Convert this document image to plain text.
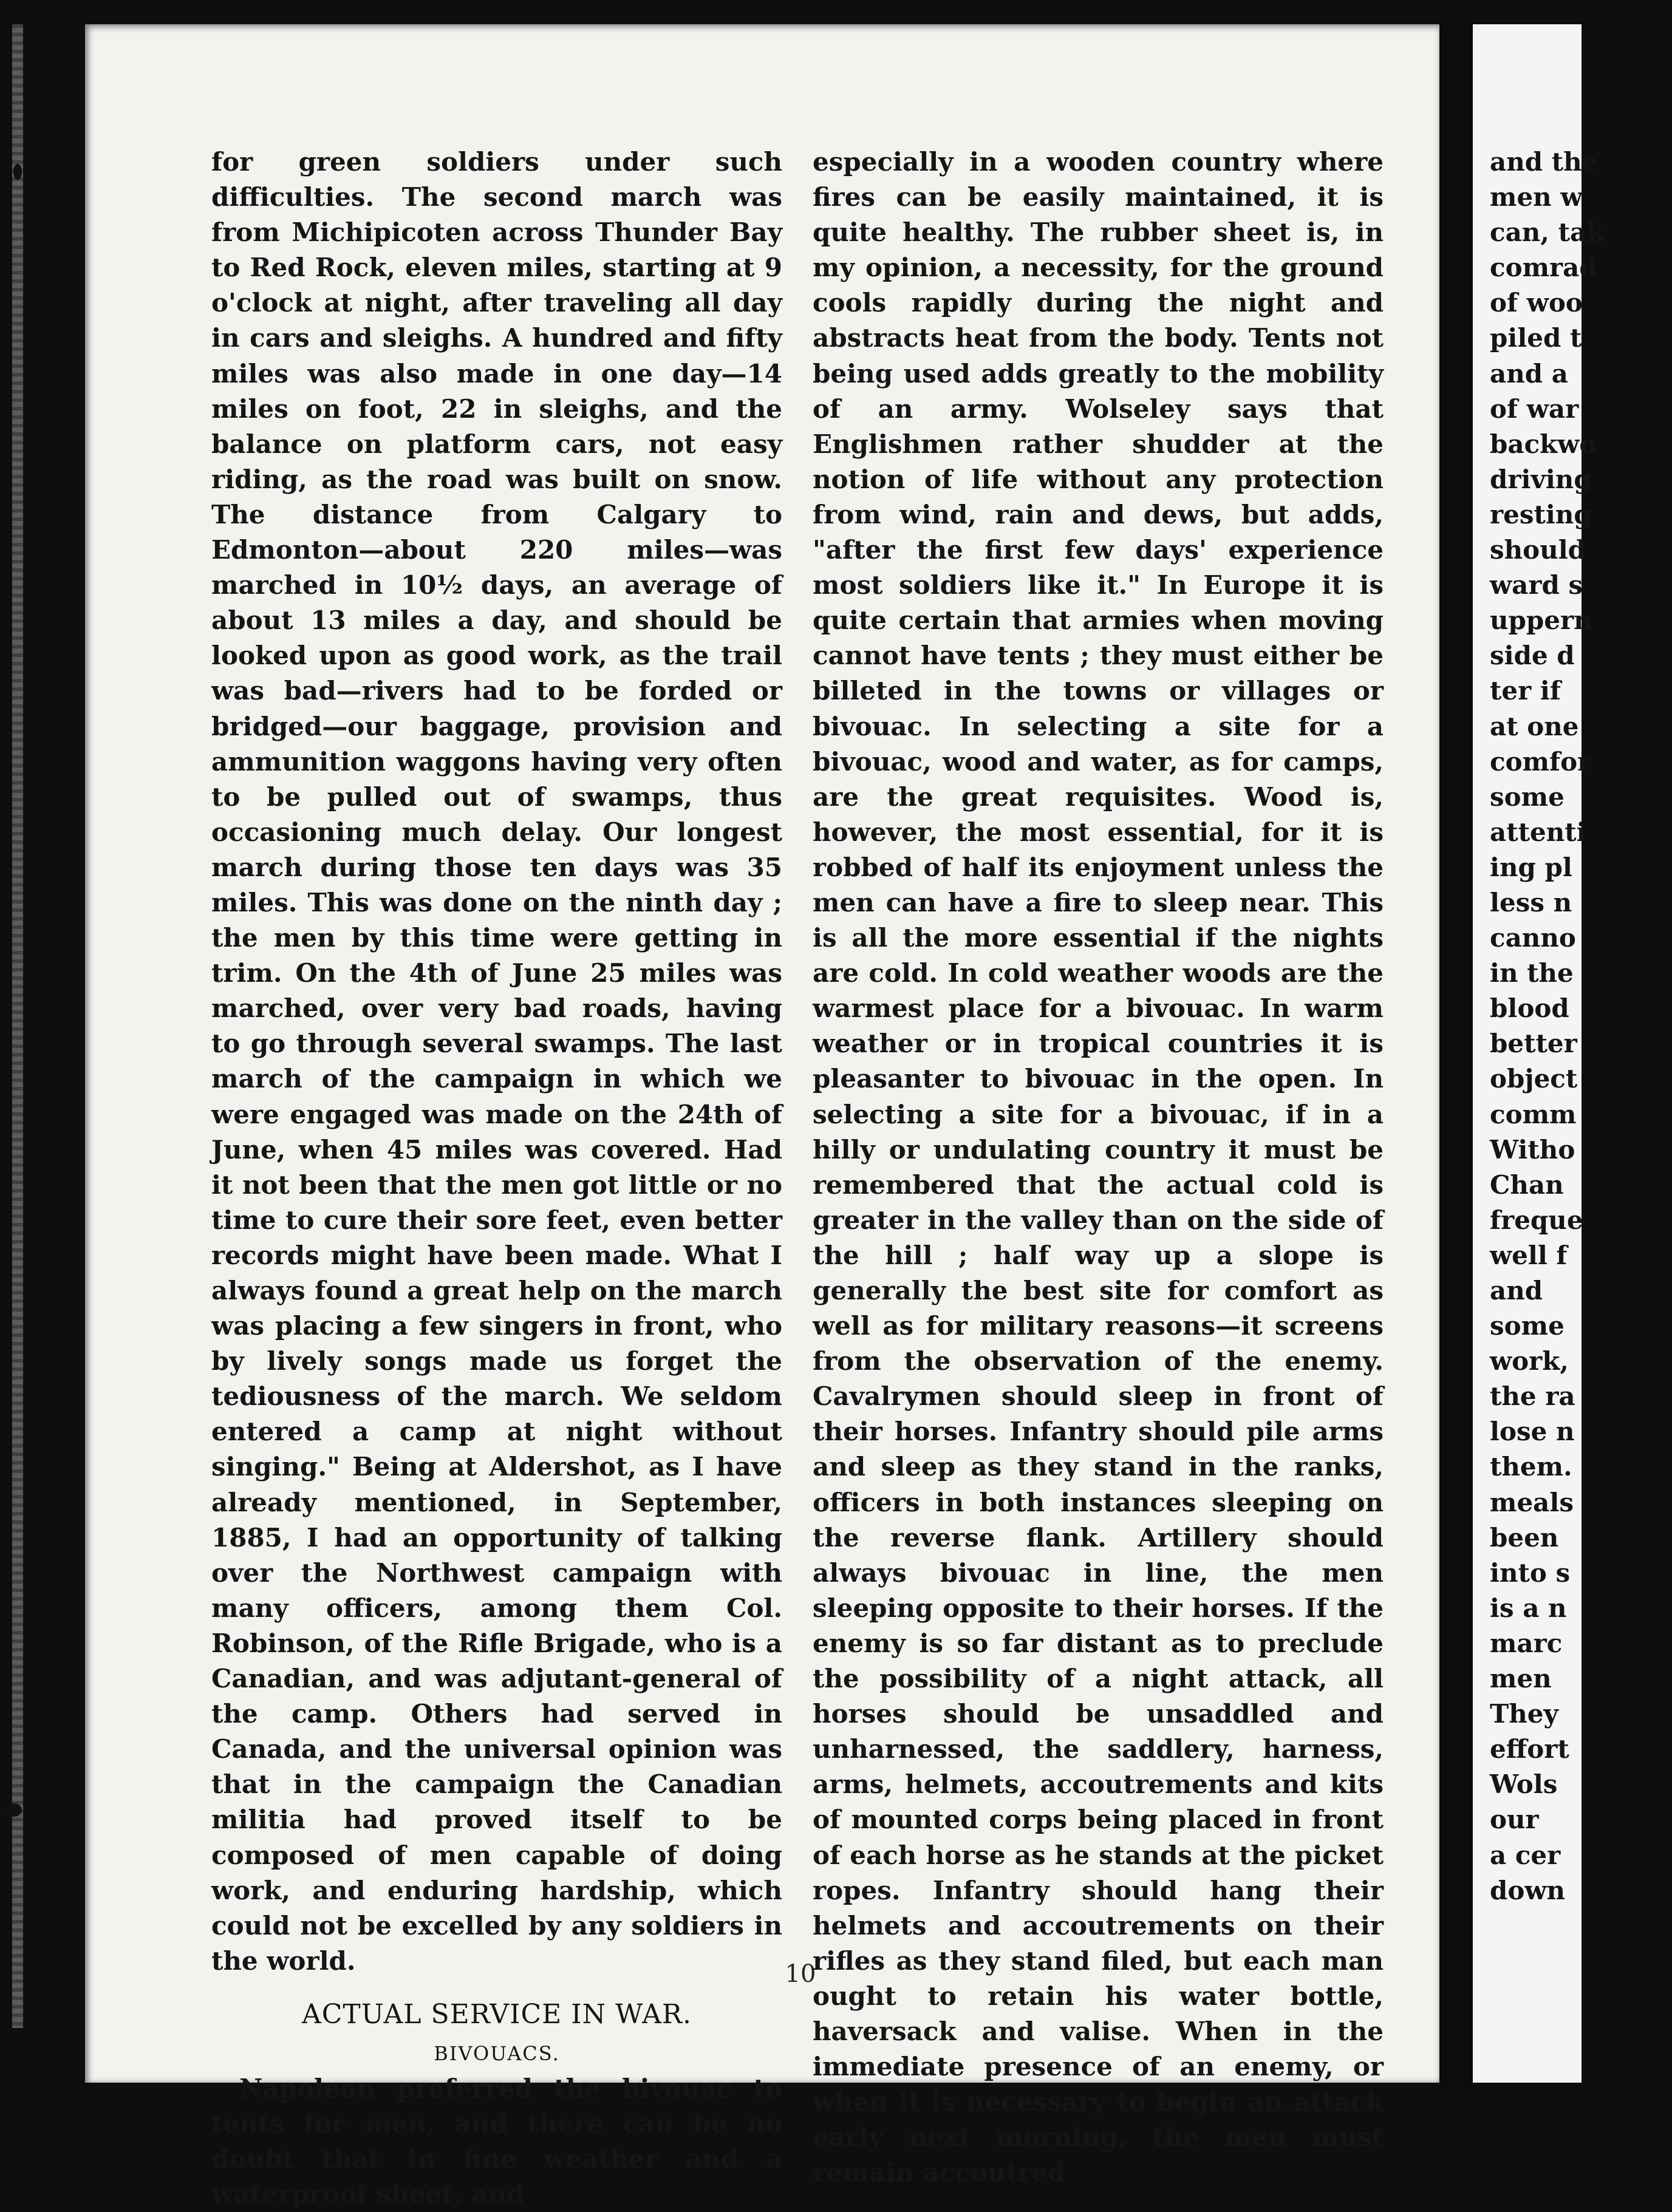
for green soldiers under such difficulties. The second march was from Michipicoten across Thunder Bay to Red Rock, eleven miles, starting at 9 o'clock at night, after traveling all day in cars and sleighs. A hundred and fifty miles was also made in one day—14 miles on foot, 22 in sleighs, and the balance on platform cars, not easy riding, as the road was built on snow. The distance from Calgary to Edmonton—about 220 miles—was marched in 10½ days, an average of about 13 miles a day, and should be looked upon as good work, as the trail was bad—rivers had to be forded or bridged—our baggage, provision and ammunition waggons having very often to be pulled out of swamps, thus occasioning much delay. Our longest march during those ten days was 35 miles. This was done on the ninth day ; the men by this time were getting in trim. On the 4th of June 25 miles was marched, over very bad roads, having to go through several swamps. The last march of the campaign in which we were engaged was made on the 24th of June, when 45 miles was covered. Had it not been that the men got little or no time to cure their sore feet, even better records might have been made. What I always found a great help on the march was placing a few singers in front, who by lively songs made us forget the tediousness of the march. We seldom entered a camp at night without singing." Being at Aldershot, as I have already mentioned, in September, 1885, I had an opportunity of talking over the Northwest campaign with many officers, among them Col. Robinson, of the Rifle Brigade, who is a Canadian, and was adjutant-general of the camp. Others had served in Canada, and the universal opinion was that in the campaign the Canadian militia had proved itself to be composed of men capable of doing work, and enduring hardship, which could not be excelled by any soldiers in the world.

ACTUAL SERVICE IN WAR.

BIVOUACS.

Napoleon preferred the bivouac to tents for men, and there can be no doubt that in fine weather and a waterproof sheet, and

especially in a wooden country where fires can be easily maintained, it is quite healthy. The rubber sheet is, in my opinion, a necessity, for the ground cools rapidly during the night and abstracts heat from the body. Tents not being used adds greatly to the mobility of an army. Wolseley says that Englishmen rather shudder at the notion of life without any protection from wind, rain and dews, but adds, "after the first few days' experience most soldiers like it." In Europe it is quite certain that armies when moving cannot have tents ; they must either be billeted in the towns or villages or bivouac. In selecting a site for a bivouac, wood and water, as for camps, are the great requisites. Wood is, however, the most essential, for it is robbed of half its enjoyment unless the men can have a fire to sleep near. This is all the more essential if the nights are cold. In cold weather woods are the warmest place for a bivouac. In warm weather or in tropical countries it is pleasanter to bivouac in the open. In selecting a site for a bivouac, if in a hilly or undulating country it must be remembered that the actual cold is greater in the valley than on the side of the hill ; half way up a slope is generally the best site for comfort as well as for military reasons—it screens from the observation of the enemy. Cavalrymen should sleep in front of their horses. Infantry should pile arms and sleep as they stand in the ranks, officers in both instances sleeping on the reverse flank. Artillery should always bivouac in line, the men sleeping opposite to their horses. If the enemy is so far distant as to preclude the possibility of a night attack, all horses should be unsaddled and unharnessed, the saddlery, harness, arms, helmets, accoutrements and kits of mounted corps being placed in front of each horse as he stands at the picket ropes. Infantry should hang their helmets and accoutrements on their rifles as they stand filed, but each man ought to retain his water bottle, haversack and valise. When in the immediate presence of an enemy, or when it is necessary to begin an attack early next morning, the men must remain accoutred

10
and the
men w
can, tak
comrad
of woo
piled t
and a
of war
backwo
driving
resting
should
ward s
uppern
side d
ter if
at one
comfor
some
attenti
ing pl
less n
canno
in the
blood
better
object
comm
Witho
Chan
freque
well f
and
some
work,
the ra
lose n
them.
meals
been
into s
is a n
marc
men
They
effort
Wols
our
a cer
down
